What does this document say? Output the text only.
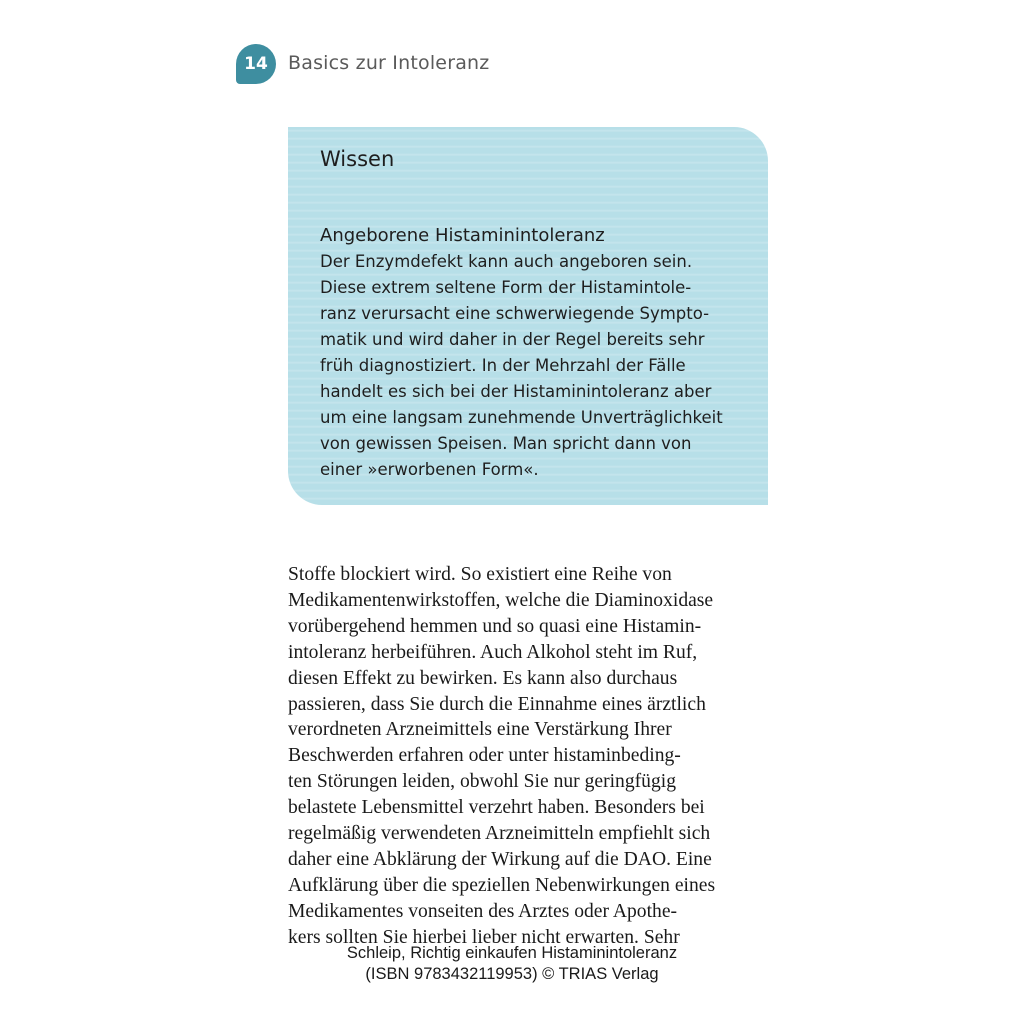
14	Basics zur Intoleranz
Wissen
Angeborene Histaminintoleranz
Der Enzymdefekt kann auch angeboren sein.
Diese extrem seltene Form der Histamintole-
ranz verursacht eine schwerwiegende Sympto-
matik und wird daher in der Regel bereits sehr
früh diagnostiziert. In der Mehrzahl der Fälle
handelt es sich bei der Histaminintoleranz aber
um eine langsam zunehmende Unverträglichkeit
von gewissen Speisen. Man spricht dann von
einer »erworbenen Form«.
Stoffe blockiert wird. So existiert eine Reihe von
Medikamentenwirkstoffen, welche die Diaminoxidase
vorübergehend hemmen und so quasi eine Histamin-
intoleranz herbeiführen. Auch Alkohol steht im Ruf,
diesen Effekt zu bewirken. Es kann also durchaus
passieren, dass Sie durch die Einnahme eines ärztlich
verordneten Arzneimittels eine Verstärkung Ihrer
Beschwerden erfahren oder unter histaminbeding-
ten Störungen leiden, obwohl Sie nur geringfügig
belastete Lebensmittel verzehrt haben. Besonders bei
regelmäßig verwendeten Arzneimitteln empfiehlt sich
daher eine Abklärung der Wirkung auf die DAO. Eine
Aufklärung über die speziellen Nebenwirkungen eines
Medikamentes vonseiten des Arztes oder Apothe-
kers sollten Sie hierbei lieber nicht erwarten. Sehr
Schleip, Richtig einkaufen Histaminintoleranz
(ISBN 9783432119953) © TRIAS Verlag
